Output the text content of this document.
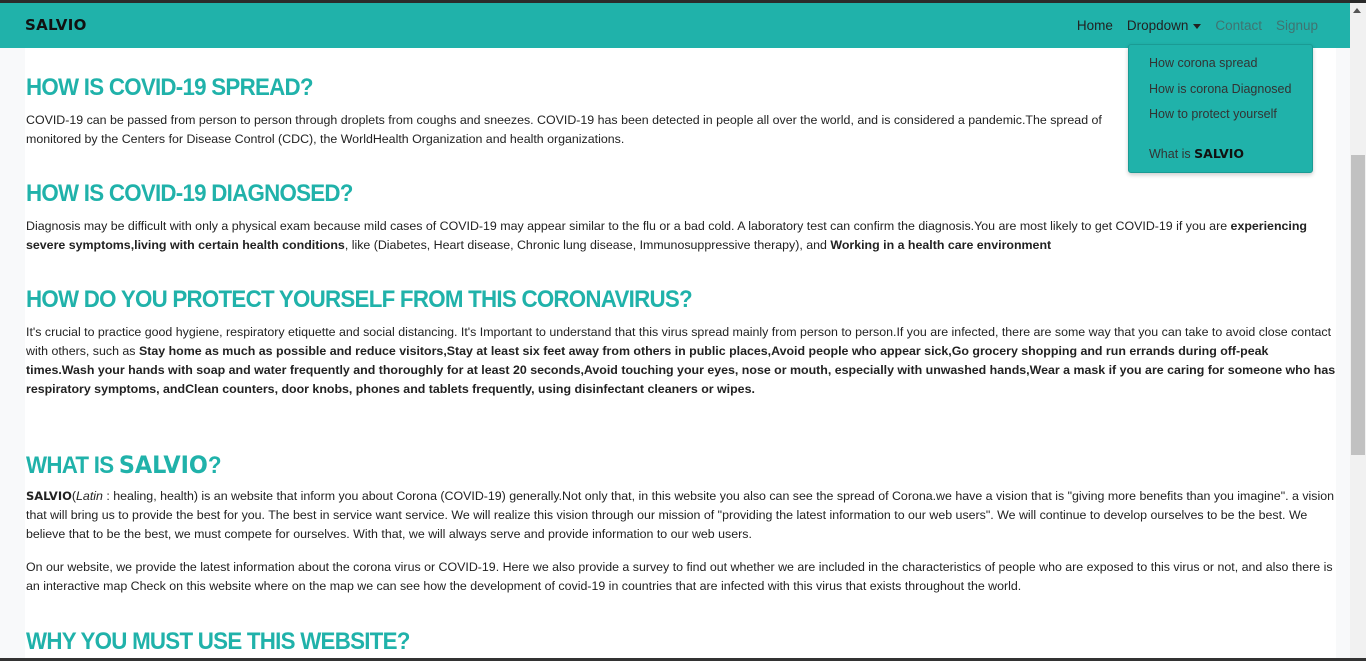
SALVIO	Home Dropdown	Contact Signup
How corona spread
How is corona Diagnosed
How to protect yourself
What is SALVIO
HOW IS COVID-19 SPREAD?

COVID-19 can be passed from person to person through droplets from coughs and sneezes. COVID-19 has been detected in people all over the world, and is considered a pandemic.The spread of

monitored by the Centers for Disease Control (CDC), the WorldHealth Organization and health organizations.

HOW IS COVID-19 DIAGNOSED?

Diagnosis may be difficult with only a physical exam because mild cases of COVID-19 may appear similar to the flu or a bad cold. A laboratory test can confirm the diagnosis.You are most likely to get COVID-19 if you are experiencing severe symptoms,living with certain health conditions, like (Diabetes, Heart disease, Chronic lung disease, Immunosuppressive therapy), and Working in a health care environment

HOW DO YOU PROTECT YOURSELF FROM THIS CORONAVIRUS?

It's crucial to practice good hygiene, respiratory etiquette and social distancing. It's Important to understand that this virus spread mainly from person to person.If you are infected, there are some way that you can take to avoid close contact with others, such as Stay home as much as possible and reduce visitors,Stay at least six feet away from others in public places,Avoid people who appear sick,Go grocery shopping and run errands during off-peak times.Wash your hands with soap and water frequently and thoroughly for at least 20 seconds,Avoid touching your eyes, nose or mouth, especially with unwashed hands,Wear a mask if you are caring for someone who has respiratory symptoms, andClean counters, door knobs, phones and tablets frequently, using disinfectant cleaners or wipes.

WHAT IS SALVIO?

SALVIO(Latin : healing, health) is an website that inform you about Corona (COVID-19) generally.Not only that, in this website you also can see the spread of Corona.we have a vision that is "giving more benefits than you imagine". a vision that will bring us to provide the best for you. The best in service want service. We will realize this vision through our mission of "providing the latest information to our web users". We will continue to develop ourselves to be the best. We believe that to be the best, we must compete for ourselves. With that, we will always serve and provide information to our web users.

On our website, we provide the latest information about the corona virus or COVID-19. Here we also provide a survey to find out whether we are included in the characteristics of people who are exposed to this virus or not, and also there is an interactive map Check on this website where on the map we can see how the development of covid-19 in countries that are infected with this virus that exists throughout the world.

WHY YOU MUST USE THIS WEBSITE?
